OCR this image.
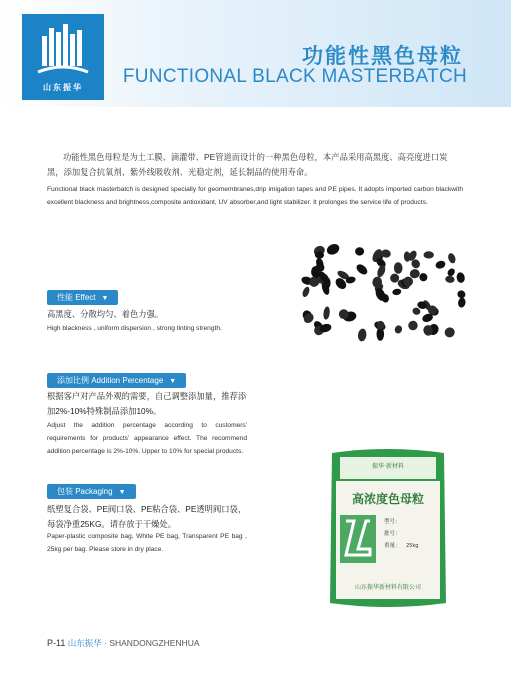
山东振华
功能性黑色母粒
FUNCTIONAL BLACK MASTERBATCH
功能性黑色母粒是为土工膜、滴灌带、PE管道而设计的一种黑色母粒，本产品采用高黑度、高亮度进口炭黑，添加复合抗氧剂、紫外线吸收剂、光稳定剂，延长制品的使用寿命。
Functional black masterbatch is designed specially for geomembranes,drip imigation tapes and PE pipes. It adopts imported carbon blackwith excellent blackness and brightness,composite antioxidant, UV absorber,and light stabilizer. It prolonges the service life of products.
性能 Effect ▼
高黑度、分散均匀、着色力强。
High blackness , uniform dispersion , strong tinting strength.
添加比例 Addition Percentage ▼
根据客户对产品外观的需要，自己调整添加量，推荐添加2%-10%特殊制品添加10%。
Adjust the addition percentage according to customers' requirements for products' appearance effect. The recommend addition percentage is 2%-10%. Upper to 10% for special products.
包装 Packaging ▼
纸塑复合袋、PE阀口袋、PE粘合袋、PE透明阀口袋，每袋净重25KG。请存放于干燥处。
Paper-plastic composite bag, White PE bag, Transparent PE bag , 25kg per bag. Please store in dry place.
振华·新材料
高浓度色母粒
型号：
批号：
重量： 25kg
山东振华新材料有限公司
P-11 山东振华 · SHANDONGZHENHUA
